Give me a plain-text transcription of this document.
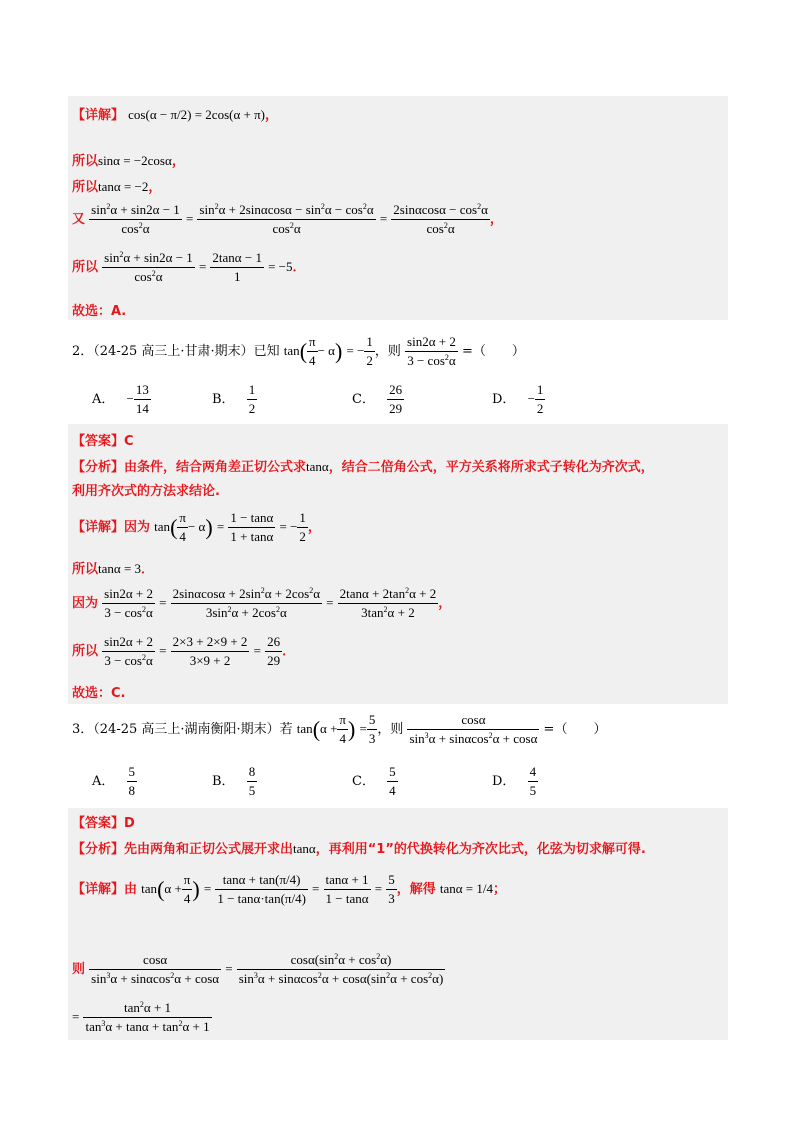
【详解】 cos(α − π/2) = 2cos(α + π)，
所以sinα = −2cosα，
所以tanα = −2，
又 $\frac{\sin^2\alpha + \sin 2\alpha - 1}{\cos^2\alpha} = \frac{\sin^2\alpha + 2\sin\alpha\cos\alpha - \sin^2\alpha - \cos^2\alpha}{\cos^2\alpha} = \frac{2\sin\alpha\cos\alpha - \cos^2\alpha}{\cos^2\alpha}$ ，
所以 $\frac{\sin^2\alpha + \sin 2\alpha - 1}{\cos^2\alpha} = \frac{2\tan\alpha - 1}{1} = -5$．
故选：A.
2．（24-25 高三上·甘肃·期末）已知 $\tan( \frac{\pi}{4} - \alpha)$ = − $\frac{1}{2}$ ，则 $\frac{\sin 2\alpha + 2}{3 - \cos^2\alpha}$ =（　　）
A． − $\frac{13}{14}$	B． $\frac{1}{2}$	C． $\frac{26}{29}$	D． − $\frac{1}{2}$
【答案】C
【分析】由条件，结合两角差正切公式求tanα，结合二倍角公式，平方关系将所求式子转化为齐次式，
利用齐次式的方法求结论.
【详解】因为 $\tan( \frac{\pi}{4} - \alpha) = \frac{1 - \tan\alpha}{1 + \tan\alpha}$ = − $\frac{1}{2}$ ，
所以tanα = 3．
因为 $\frac{\sin 2\alpha + 2}{3 - \cos^2\alpha} = \frac{2\sin\alpha\cos\alpha + 2\sin^2\alpha + 2\cos^2\alpha}{3\sin^2\alpha + 2\cos^2\alpha} = \frac{2\tan\alpha + 2\tan^2\alpha + 2}{3\tan^2\alpha + 2}$ ，
所以 $\frac{\sin 2\alpha + 2}{3 - \cos^2\alpha} = \frac{2\times 3 + 2\times 9 + 2}{3\times 9 + 2} = \frac{26}{29}$ ．
故选：C.
3．（24-25 高三上·湖南衡阳·期末）若 $\tan(\alpha + \frac{\pi}{4}$ ) = $\frac{5}{3}$ ，则 $\frac{\cos\alpha}{\sin^3\alpha + \sin\alpha\cos^2\alpha + \cos\alpha}$ =（　　）
A． $\frac{5}{8}$	B． $\frac{8}{5}$	C． $\frac{5}{4}$	D． $\frac{4}{5}$
【答案】D
【分析】先由两角和正切公式展开求出tanα，再利用“1”的代换转化为齐次比式，化弦为切求解可得.
【详解】由 $\tan(\alpha + \frac{\pi}{4}$ ) = $\frac{\tan\alpha + \tan(\pi/4)}{1 - \tan\alpha\cdot\tan(\pi/4)} = \frac{\tan\alpha + 1}{1 - \tan\alpha} = \frac{5}{3}$ ，解得 tanα = 1/4；
则 $\frac{\cos\alpha}{\sin^3\alpha + \sin\alpha\cos^2\alpha + \cos\alpha} = \frac{\cos\alpha(\sin^2\alpha + \cos^2\alpha)}{\sin^3\alpha + \sin\alpha\cos^2\alpha + \cos\alpha(\sin^2\alpha + \cos^2\alpha)}$
= $\frac{\tan^2\alpha + 1}{\tan^3\alpha + \tan\alpha + \tan^2\alpha + 1}$
